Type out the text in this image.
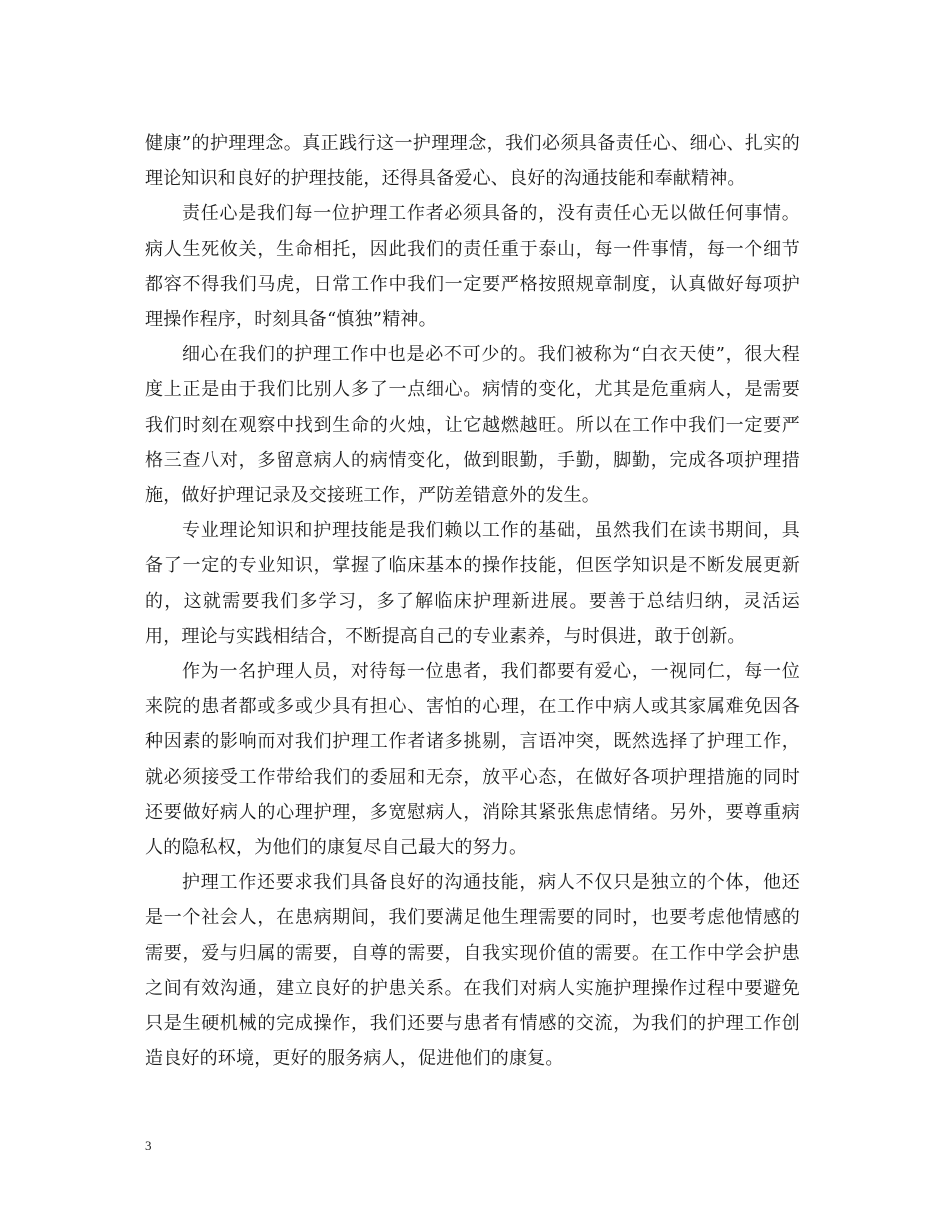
健康”的护理理念。真正践行这一护理理念，我们必须具备责任心、细心、扎实的理论知识和良好的护理技能，还得具备爱心、良好的沟通技能和奉献精神。

责任心是我们每一位护理工作者必须具备的，没有责任心无以做任何事情。病人生死攸关，生命相托，因此我们的责任重于泰山，每一件事情，每一个细节都容不得我们马虎，日常工作中我们一定要严格按照规章制度，认真做好每项护理操作程序，时刻具备“慎独”精神。

细心在我们的护理工作中也是必不可少的。我们被称为“白衣天使”，很大程度上正是由于我们比别人多了一点细心。病情的变化，尤其是危重病人，是需要我们时刻在观察中找到生命的火烛，让它越燃越旺。所以在工作中我们一定要严格三查八对，多留意病人的病情变化，做到眼勤，手勤，脚勤，完成各项护理措施，做好护理记录及交接班工作，严防差错意外的发生。

专业理论知识和护理技能是我们赖以工作的基础，虽然我们在读书期间，具备了一定的专业知识，掌握了临床基本的操作技能，但医学知识是不断发展更新的，这就需要我们多学习，多了解临床护理新进展。要善于总结归纳，灵活运用，理论与实践相结合，不断提高自己的专业素养，与时俱进，敢于创新。

作为一名护理人员，对待每一位患者，我们都要有爱心，一视同仁，每一位来院的患者都或多或少具有担心、害怕的心理，在工作中病人或其家属难免因各种因素的影响而对我们护理工作者诸多挑剔，言语冲突，既然选择了护理工作，就必须接受工作带给我们的委屈和无奈，放平心态，在做好各项护理措施的同时还要做好病人的心理护理，多宽慰病人，消除其紧张焦虑情绪。另外，要尊重病人的隐私权，为他们的康复尽自己最大的努力。

护理工作还要求我们具备良好的沟通技能，病人不仅只是独立的个体，他还是一个社会人，在患病期间，我们要满足他生理需要的同时，也要考虑他情感的需要，爱与归属的需要，自尊的需要，自我实现价值的需要。在工作中学会护患之间有效沟通，建立良好的护患关系。在我们对病人实施护理操作过程中要避免只是生硬机械的完成操作，我们还要与患者有情感的交流，为我们的护理工作创造良好的环境，更好的服务病人，促进他们的康复。

3
